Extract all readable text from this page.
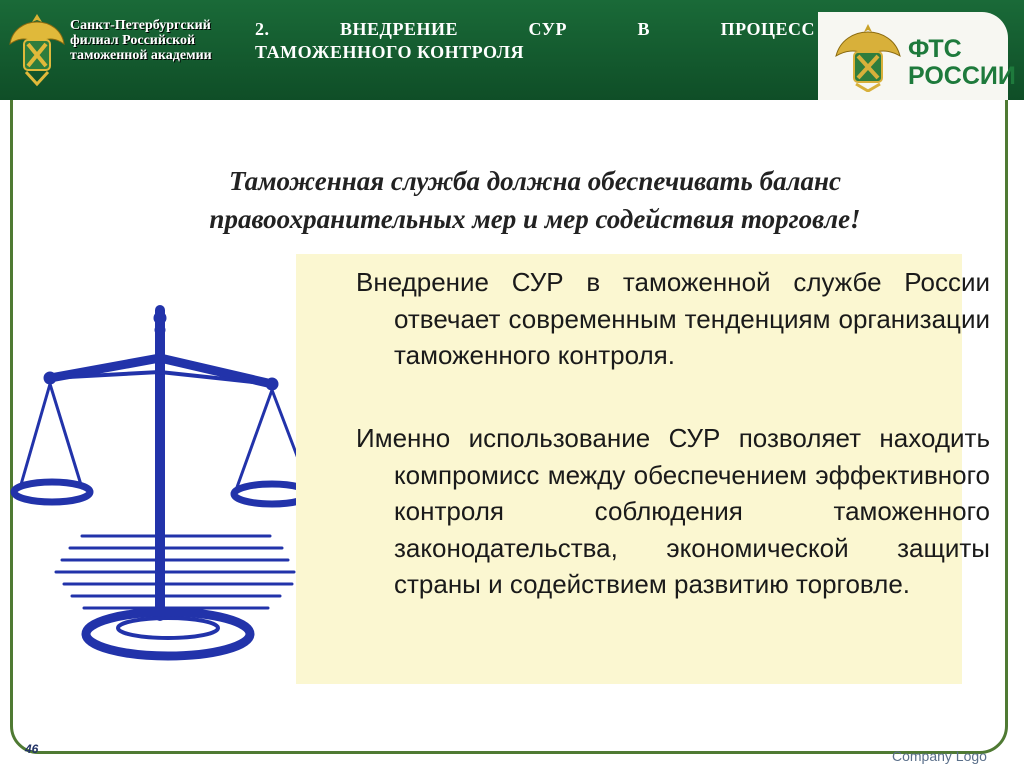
Санкт-Петербургский филиал Российской таможенной академии
2.	ВНЕДРЕНИЕ	СУР	В	ПРОЦЕСС
ТАМОЖЕННОГО КОНТРОЛЯ	ФТС
РОССИИ
Таможенная служба должна обеспечивать баланс
правоохранительных мер и мер содействия торговле!
Внедрение СУР в таможенной службе России отвечает современным тенденциям организации таможенного контроля.
Именно использование СУР позволяет находить компромисс между обеспечением эффективного контроля соблюдения таможенного законодательства, экономической защиты страны и содействием развитию торговле.
46	Company Logo
